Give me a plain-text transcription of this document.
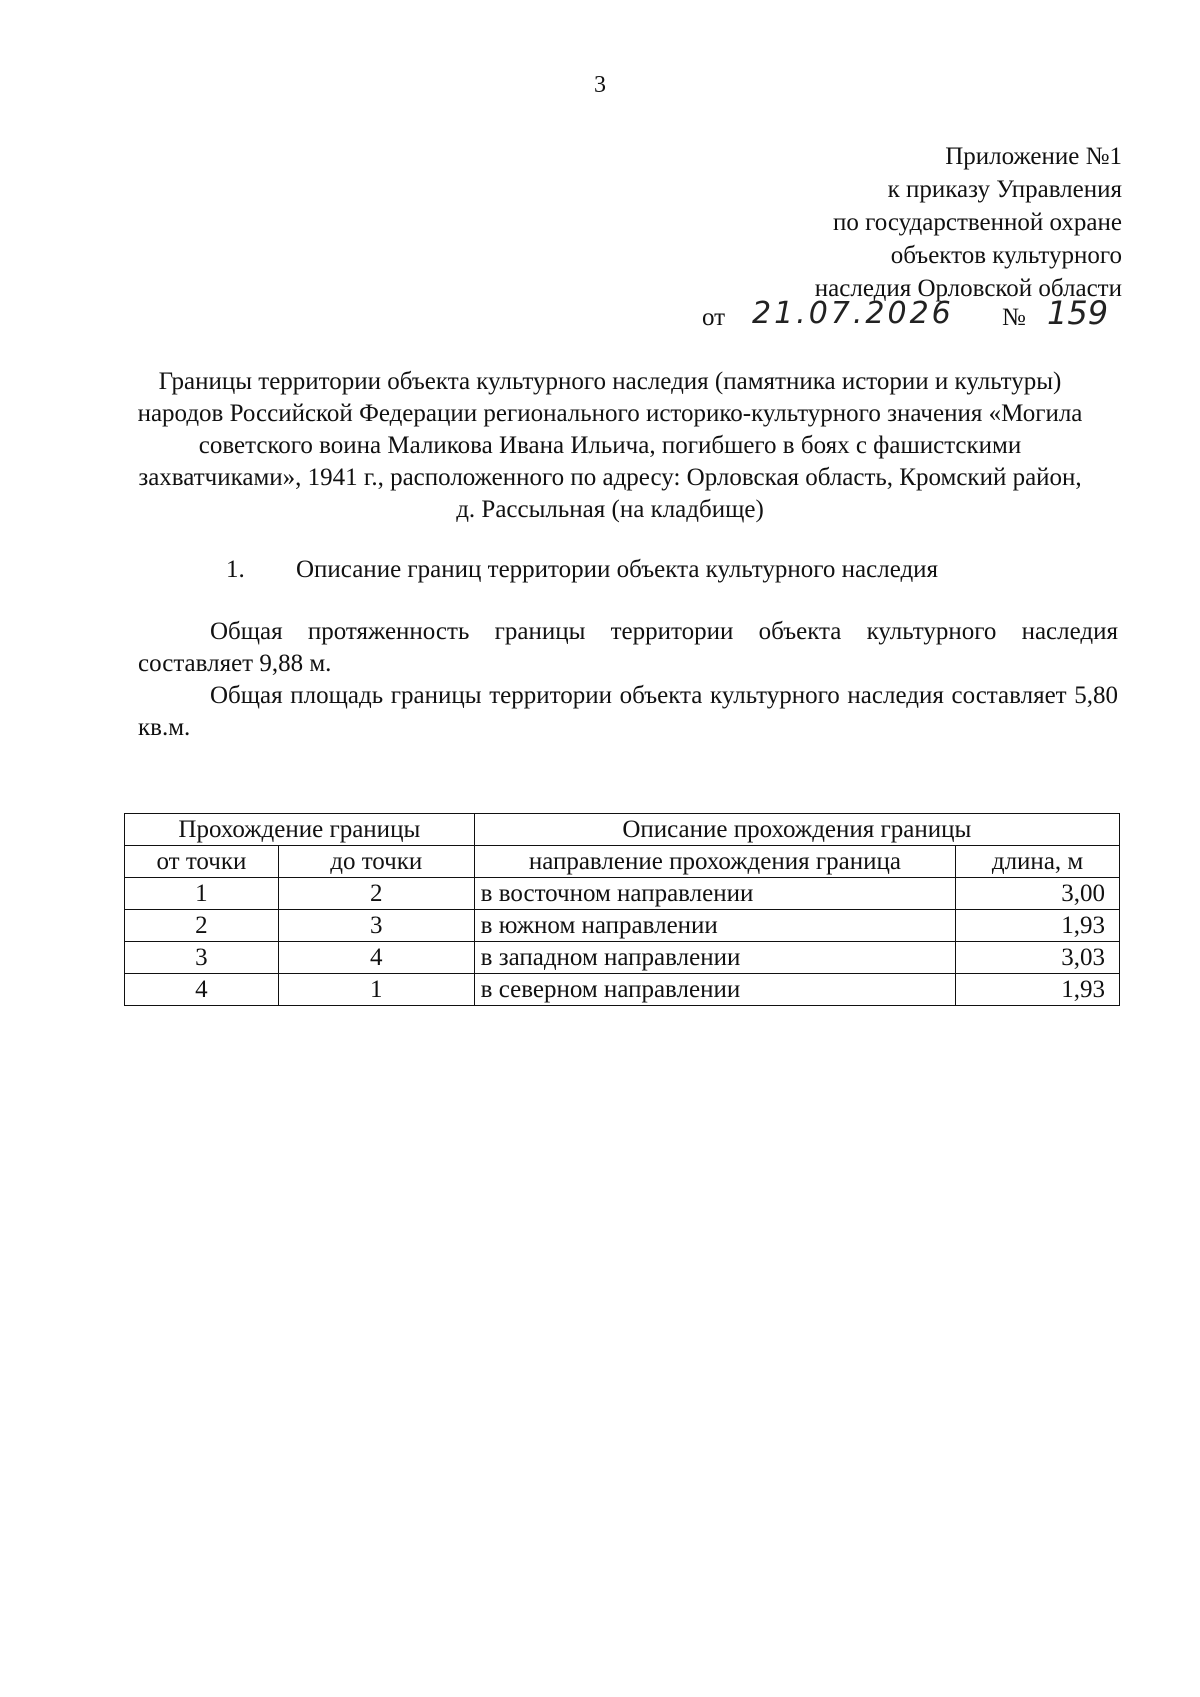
3
Приложение №1
к приказу Управления
по государственной охране
объектов культурного
наследия Орловской области
от 21.07.2026 № 159
Границы территории объекта культурного наследия (памятника истории и культуры) народов Российской Федерации регионального историко-культурного значения «Могила советского воина Маликова Ивана Ильича, погибшего в боях с фашистскими захватчиками», 1941 г., расположенного по адресу: Орловская область, Кромский район, д. Рассыльная (на кладбище)
1. Описание границ территории объекта культурного наследия
Общая протяженность границы территории объекта культурного наследия составляет 9,88 м.
Общая площадь границы территории объекта культурного наследия составляет 5,80 кв.м.
Прохождение границы		Описание прохождения границы	
от точки	до точки	направление прохождения граница	длина, м
1	2	в восточном направлении	3,00
2	3	в южном направлении	1,93
3	4	в западном направлении	3,03
4	1	в северном направлении	1,93
